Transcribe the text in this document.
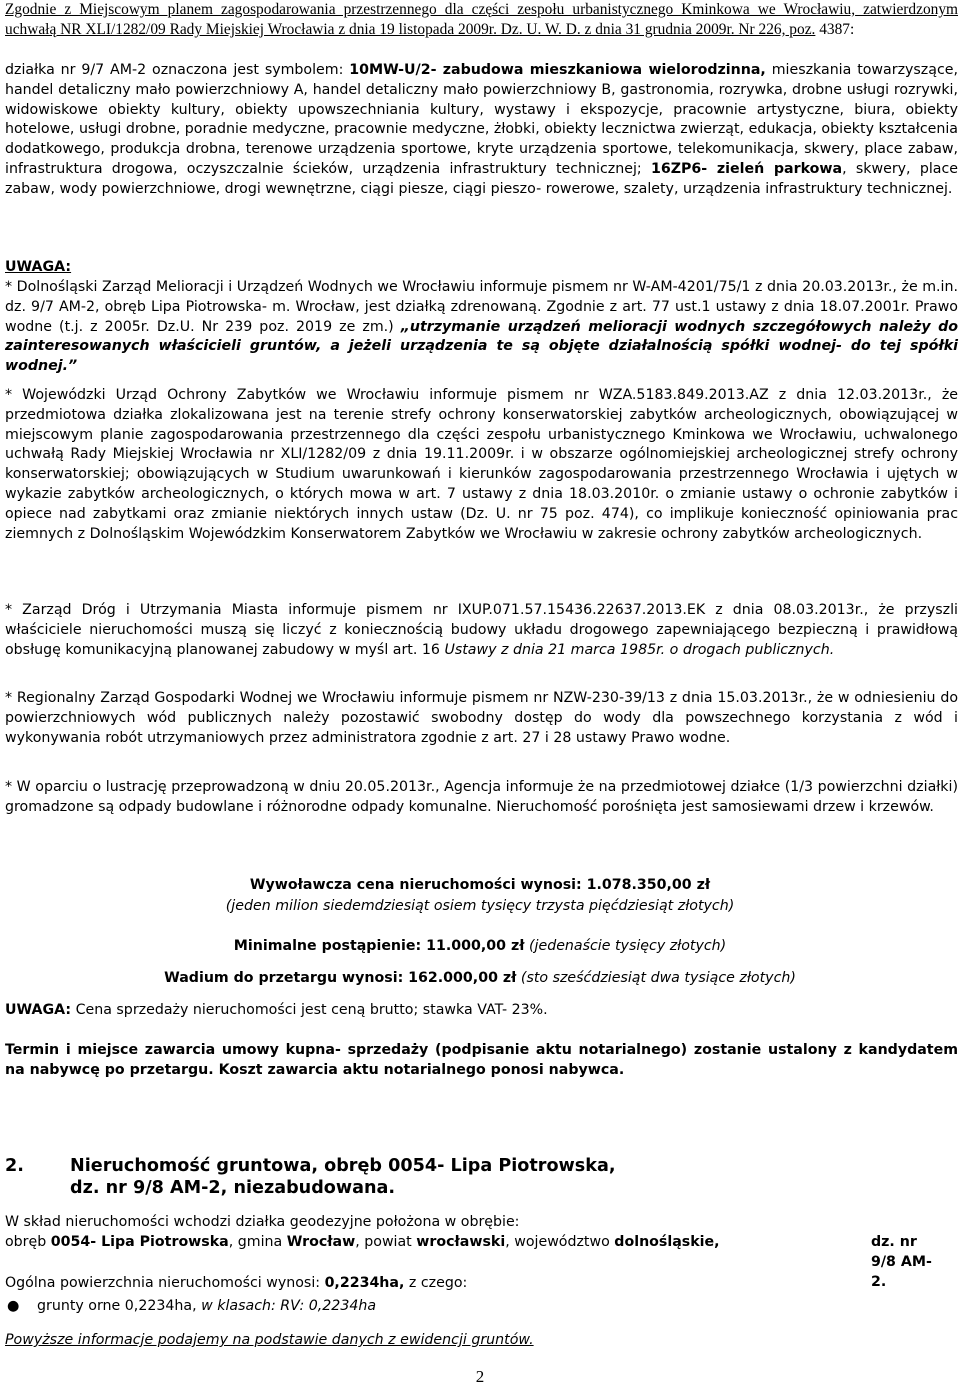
Zgodnie z Miejscowym planem zagospodarowania przestrzennego dla części zespołu urbanistycznego Kminkowa we Wrocławiu, zatwierdzonym uchwałą NR XLI/1282/09 Rady Miejskiej Wrocławia z dnia 19 listopada 2009r. Dz. U. W. D. z dnia 31 grudnia 2009r. Nr 226, poz. 4387:

działka nr 9/7 AM-2 oznaczona jest symbolem: 10MW-U/2- zabudowa mieszkaniowa wielorodzinna, mieszkania towarzyszące, handel detaliczny mało powierzchniowy A, handel detaliczny mało powierzchniowy B, gastronomia, rozrywka, drobne usługi rozrywki, widowiskowe obiekty kultury, obiekty upowszechniania kultury, wystawy i ekspozycje, pracownie artystyczne, biura, obiekty hotelowe, usługi drobne, poradnie medyczne, pracownie medyczne, żłobki, obiekty lecznictwa zwierząt, edukacja, obiekty kształcenia dodatkowego, produkcja drobna, terenowe urządzenia sportowe, kryte urządzenia sportowe, telekomunikacja, skwery, place zabaw, infrastruktura drogowa, oczyszczalnie ścieków, urządzenia infrastruktury technicznej; 16ZP6- zieleń parkowa, skwery, place zabaw, wody powierzchniowe, drogi wewnętrzne, ciągi piesze, ciągi pieszo- rowerowe, szalety, urządzenia infrastruktury technicznej.

UWAGA:

* Dolnośląski Zarząd Melioracji i Urządzeń Wodnych we Wrocławiu informuje pismem nr W-AM-4201/75/1 z dnia 20.03.2013r., że m.in. dz. 9/7 AM-2, obręb Lipa Piotrowska- m. Wrocław, jest działką zdrenowaną. Zgodnie z art. 77 ust.1 ustawy z dnia 18.07.2001r. Prawo wodne (t.j. z 2005r. Dz.U. Nr 239 poz. 2019 ze zm.) „utrzymanie urządzeń melioracji wodnych szczegółowych należy do zainteresowanych właścicieli gruntów, a jeżeli urządzenia te są objęte działalnością spółki wodnej- do tej spółki wodnej.”

* Wojewódzki Urząd Ochrony Zabytków we Wrocławiu informuje pismem nr WZA.5183.849.2013.AZ z dnia 12.03.2013r., że przedmiotowa działka zlokalizowana jest na terenie strefy ochrony konserwatorskiej zabytków archeologicznych, obowiązującej w miejscowym planie zagospodarowania przestrzennego dla części zespołu urbanistycznego Kminkowa we Wrocławiu, uchwalonego uchwałą Rady Miejskiej Wrocławia nr XLI/1282/09 z dnia 19.11.2009r. i w obszarze ogólnomiejskiej archeologicznej strefy ochrony konserwatorskiej; obowiązujących w Studium uwarunkowań i kierunków zagospodarowania przestrzennego Wrocławia i ujętych w wykazie zabytków archeologicznych, o których mowa w art. 7 ustawy z dnia 18.03.2010r. o zmianie ustawy o ochronie zabytków i opiece nad zabytkami oraz zmianie niektórych innych ustaw (Dz. U. nr 75 poz. 474), co implikuje konieczność opiniowania prac ziemnych z Dolnośląskim Wojewódzkim Konserwatorem Zabytków we Wrocławiu w zakresie ochrony zabytków archeologicznych.

* Zarząd Dróg i Utrzymania Miasta informuje pismem nr IXUP.071.57.15436.22637.2013.EK z dnia 08.03.2013r., że przyszli właściciele nieruchomości muszą się liczyć z koniecznością budowy układu drogowego zapewniającego bezpieczną i prawidłową obsługę komunikacyjną planowanej zabudowy w myśl art. 16 Ustawy z dnia 21 marca 1985r. o drogach publicznych.

* Regionalny Zarząd Gospodarki Wodnej we Wrocławiu informuje pismem nr NZW-230-39/13 z dnia 15.03.2013r., że w odniesieniu do powierzchniowych wód publicznych należy pozostawić swobodny dostęp do wody dla powszechnego korzystania z wód i wykonywania robót utrzymaniowych przez administratora zgodnie z art. 27 i 28 ustawy Prawo wodne.

* W oparciu o lustrację przeprowadzoną w dniu 20.05.2013r., Agencja informuje że na przedmiotowej działce (1/3 powierzchni działki) gromadzone są odpady budowlane i różnorodne odpady komunalne. Nieruchomość porośnięta jest samosiewami drzew i krzewów.

Wywoławcza cena nieruchomości wynosi: 1.078.350,00 zł

(jeden milion siedemdziesiąt osiem tysięcy trzysta pięćdziesiąt złotych)

Minimalne postąpienie: 11.000,00 zł (jedenaście tysięcy złotych)

Wadium do przetargu wynosi: 162.000,00 zł (sto sześćdziesiąt dwa tysiące złotych)

UWAGA: Cena sprzedaży nieruchomości jest ceną brutto; stawka VAT- 23%.

Termin i miejsce zawarcia umowy kupna- sprzedaży (podpisanie aktu notarialnego) zostanie ustalony z kandydatem na nabywcę po przetargu. Koszt zawarcia aktu notarialnego ponosi nabywca.

2.	Nieruchomość gruntowa, obręb 0054- Lipa Piotrowska,
dz. nr 9/8 AM-2, niezabudowana.

W skład nieruchomości wchodzi działka geodezyjne położona w obrębie:

obręb 0054- Lipa Piotrowska, gmina Wrocław, powiat wrocławski, województwo dolnośląskie,	dz. nr 9/8 AM-2.

Ogólna powierzchnia nieruchomości wynosi: 0,2234ha, z czego:

● grunty orne 0,2234ha, w klasach: RV: 0,2234ha

Powyższe informacje podajemy na podstawie danych z ewidencji gruntów.

2
